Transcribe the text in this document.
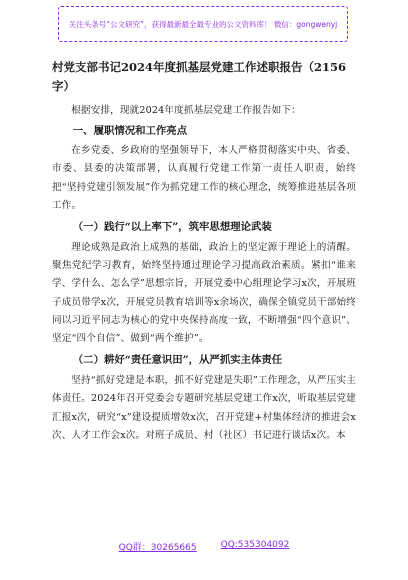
关注头条号“公文研究”，获得最新最全最专业的公文资料库！ 微信：gongwenyj

村党支部书记2024年度抓基层党建工作述职报告（2156字）

根据安排，现就2024年度抓基层党建工作报告如下：

一、履职情况和工作亮点

在乡党委、乡政府的坚强领导下，本人严格贯彻落实中央、省委、市委、县委的决策部署，认真履行党建工作第一责任人职责，始终把“坚持党建引领发展”作为抓党建工作的核心理念，统筹推进基层各项工作。

（一）践行“以上率下”，筑牢思想理论武装

理论成熟是政治上成熟的基础，政治上的坚定源于理论上的清醒。聚焦党纪学习教育，始终坚持通过理论学习提高政治素质。紧扣“谁来学、学什么、怎么学”思想宗旨，开展党委中心组理论学习x次，开展班子成员带学x次，开展党员教育培训等x余场次，确保全镇党员干部始终同以习近平同志为核心的党中央保持高度一致，不断增强“四个意识”、坚定“四个自信”、做到“两个维护”。

（二）耕好“责任意识田”，从严抓实主体责任

坚持“抓好党建是本职，抓不好党建是失职”工作理念，从严压实主体责任。2024年召开党委会专题研究基层党建工作x次，听取基层党建汇报x次，研究“x”建设提质增效x次，召开党建+村集体经济的推进会x次、人才工作会x次。对班子成员、村（社区）书记进行谈话x次。本

QQ群：30265665	QQ:535304092
